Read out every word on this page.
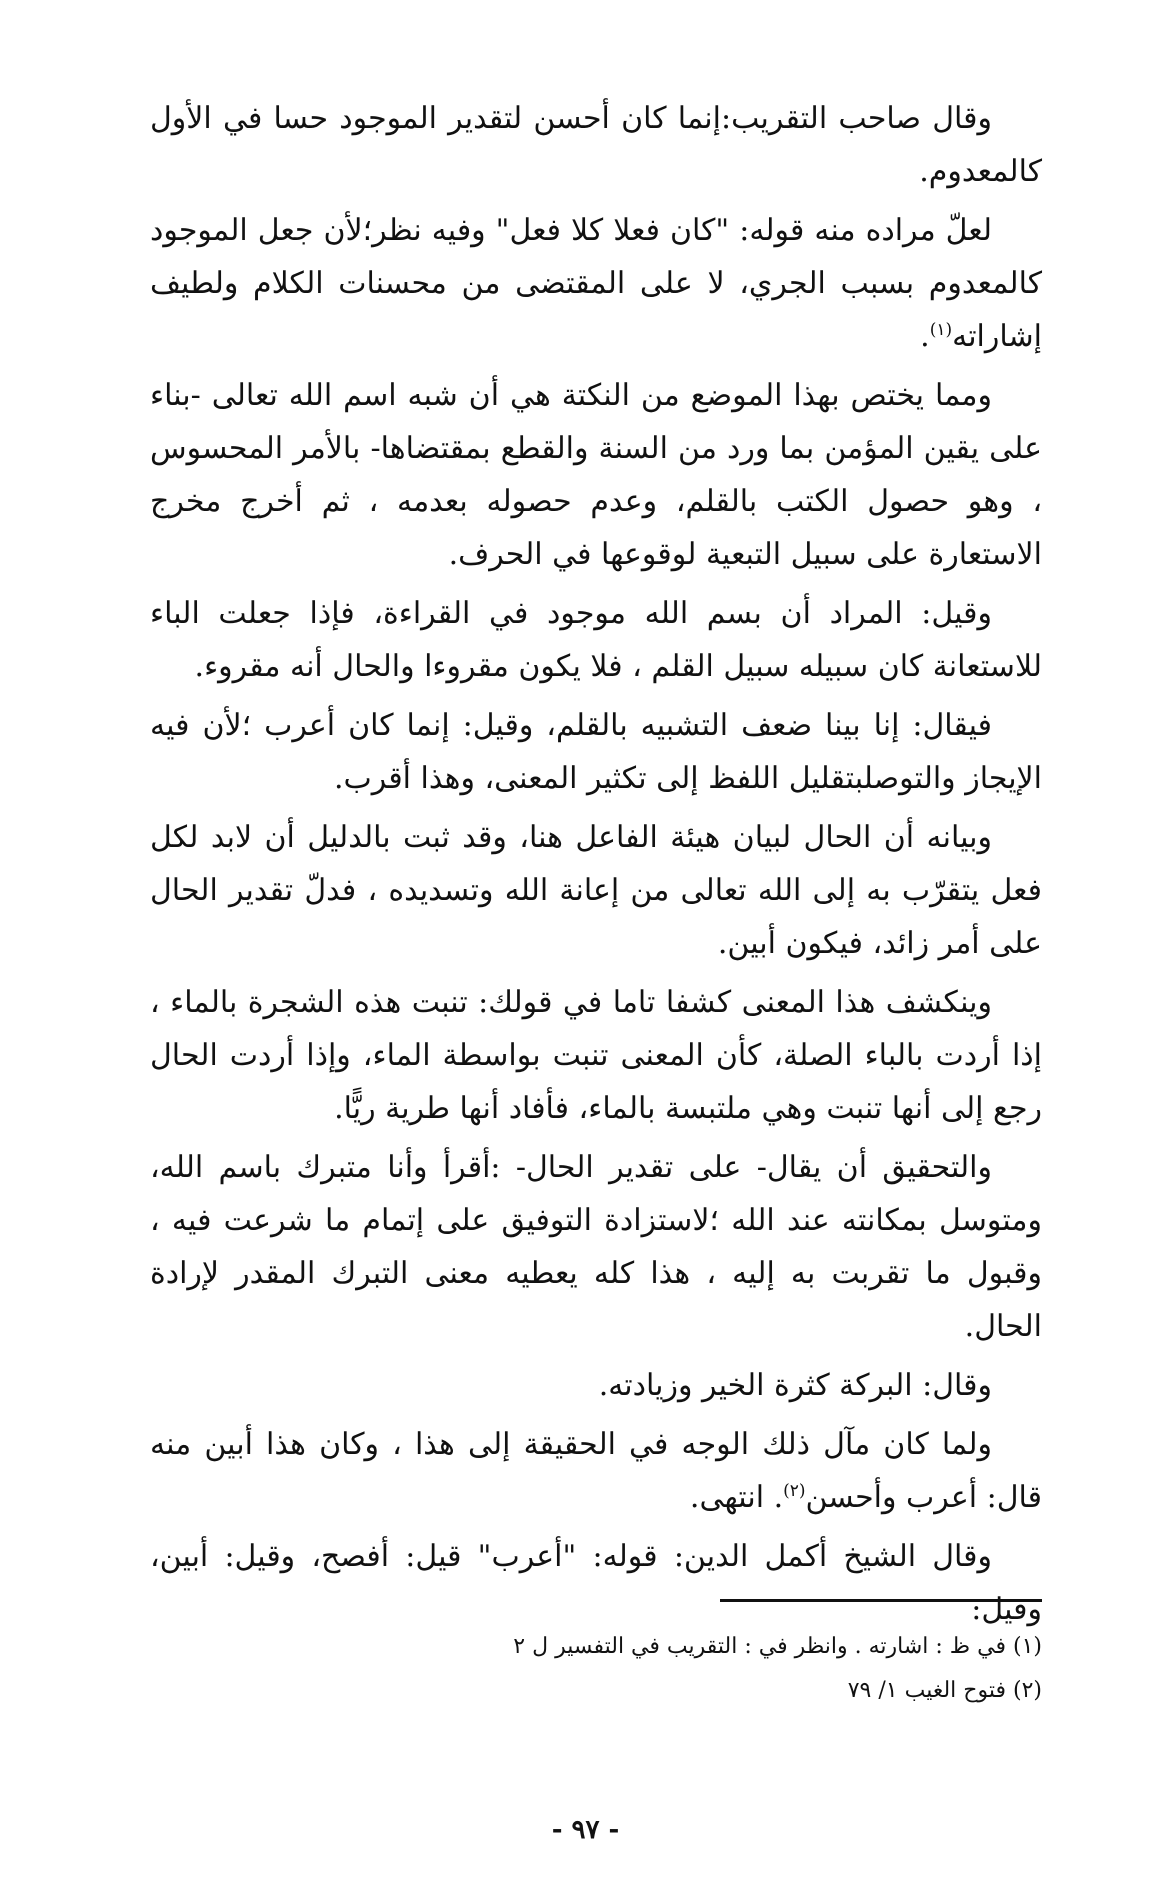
وقال صاحب التقريب:إنما كان أحسن لتقدير الموجود حسا في الأول كالمعدوم.

لعلّ مراده منه قوله: "كان فعلا كلا فعل" وفيه نظر؛لأن جعل الموجود كالمعدوم بسبب الجري، لا على المقتضى من محسنات الكلام ولطيف إشاراته$^{(١)}$.

ومما يختص بهذا الموضع من النكتة هي أن شبه اسم الله تعالى -بناء على يقين المؤمن بما ورد من السنة والقطع بمقتضاها- بالأمر المحسوس ، وهو حصول الكتب بالقلم، وعدم حصوله بعدمه ، ثم أخرج مخرج الاستعارة على سبيل التبعية لوقوعها في الحرف.

وقيل: المراد أن بسم الله موجود في القراءة، فإذا جعلت الباء للاستعانة كان سبيله سبيل القلم ، فلا يكون مقروءا والحال أنه مقروء.

فيقال: إنا بينا ضعف التشبيه بالقلم، وقيل: إنما كان أعرب ؛لأن فيه الإيجاز والتوصلبتقليل اللفظ إلى تكثير المعنى، وهذا أقرب.

وبيانه أن الحال لبيان هيئة الفاعل هنا، وقد ثبت بالدليل أن لابد لكل فعل يتقرّب به إلى الله تعالى من إعانة الله وتسديده ، فدلّ تقدير الحال على أمر زائد، فيكون أبين.

وينكشف هذا المعنى كشفا تاما في قولك: تنبت هذه الشجرة بالماء ، إذا أردت بالباء الصلة، كأن المعنى تنبت بواسطة الماء، وإذا أردت الحال رجع إلى أنها تنبت وهي ملتبسة بالماء، فأفاد أنها طرية ريًّا.

والتحقيق أن يقال- على تقدير الحال- :أقرأ وأنا متبرك باسم الله، ومتوسل بمكانته عند الله ؛لاستزادة التوفيق على إتمام ما شرعت فيه ، وقبول ما تقربت به إليه ، هذا كله يعطيه معنى التبرك المقدر لإرادة الحال.

وقال: البركة كثرة الخير وزيادته.

ولما كان مآل ذلك الوجه في الحقيقة إلى هذا ، وكان هذا أبين منه قال: أعرب وأحسن$^{(٢)}$. انتهى.

وقال الشيخ أكمل الدين: قوله: "أعرب" قيل: أفصح، وقيل: أبين، وقيل:

(١) في ظ : اشارته . وانظر في : التقريب في التفسير ل ٢

(٢) فتوح الغيب ١/ ٧٩

- ٩٧ -
